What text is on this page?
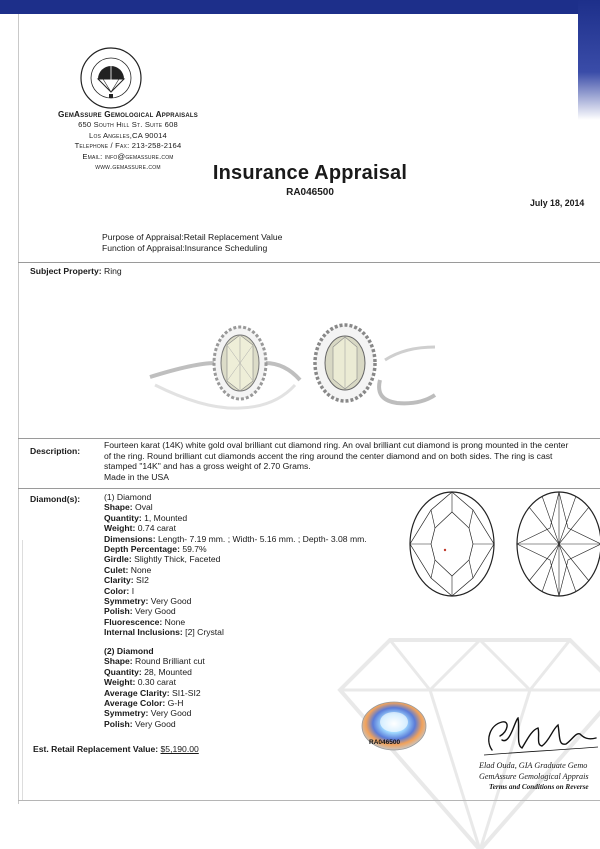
GemAssure Gemological Appraisals
650 South Hill St. Suite 608
Los Angeles,CA 90014
Telephone / Fax: 213-258-2164
Email: info@gemassure.com
www.gemassure.com	Insurance Appraisal
RA046500
July 18, 2014
Purpose of Appraisal:Retail Replacement Value
Function of Appraisal:Insurance Scheduling
Subject Property: Ring
Description:
Fourteen karat (14K) white gold oval brilliant cut diamond ring. An oval brilliant cut diamond is prong mounted in the center
of the ring. Round brilliant cut diamonds accent the ring around the center diamond and on both sides. The ring is cast
stamped "14K" and has a gross weight of 2.70 Grams.
Made in the USA
Diamond(s):	(1) Diamond
Shape: Oval
Quantity: 1, Mounted
Weight: 0.74 carat
Dimensions: Length- 7.19 mm. ; Width- 5.16 mm. ; Depth- 3.08 mm.
Depth Percentage: 59.7%
Girdle: Slightly Thick, Faceted
Culet: None
Clarity: SI2
Color: I
Symmetry: Very Good
Polish: Very Good
Fluorescence: None
Internal Inclusions: [2] Crystal
(2) Diamond
Shape: Round Brilliant cut
Quantity: 28, Mounted
Weight: 0.30 carat
Average Clarity: SI1-SI2
Average Color: G-H
Symmetry: Very Good
Polish: Very Good
RA046500
Est. Retail Replacement Value: $5,190.00
Elad Ouda, GIA Graduate Gemo
GemAssure Gemological Apprais
Terms and Conditions on Reverse
